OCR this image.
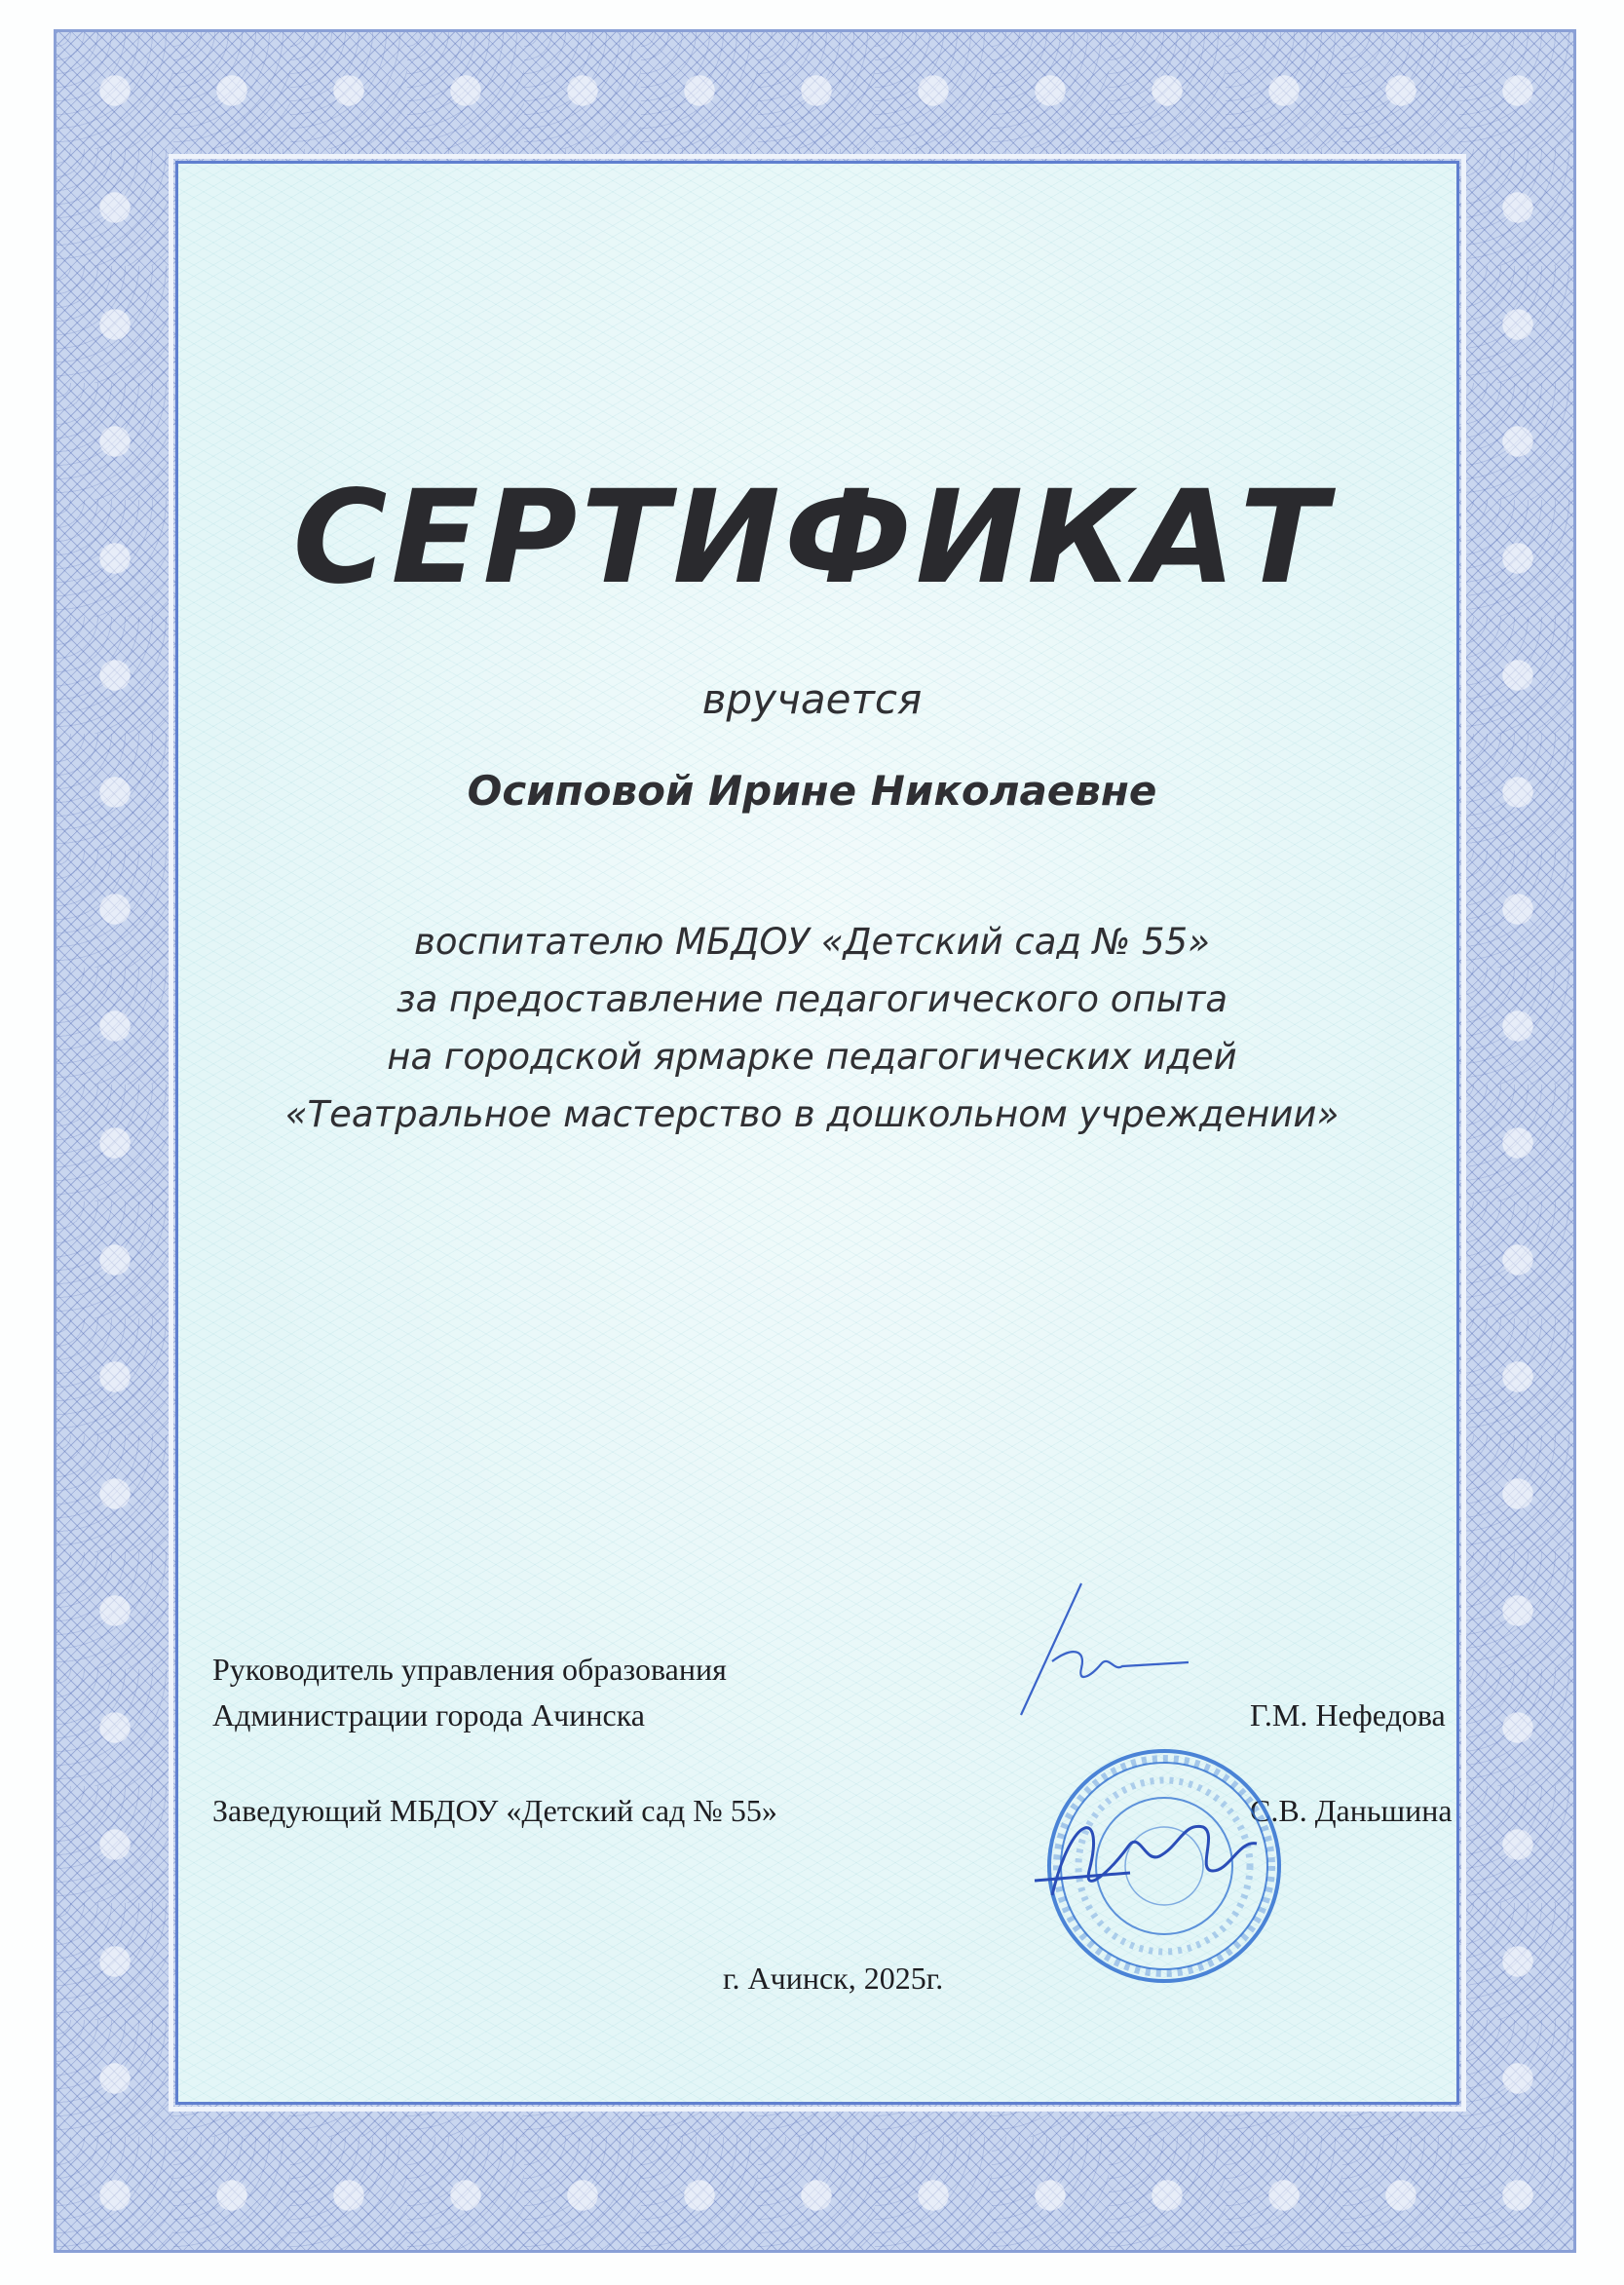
СЕРТИФИКАТ
вручается
Осиповой Ирине Николаевне
воспитателю МБДОУ «Детский сад № 55»
за предоставление педагогического опыта
на городской ярмарке педагогических идей
«Театральное мастерство в дошкольном учреждении»
Руководитель управления образования
Администрации города Ачинска	Г.М. Нефедова
Заведующий МБДОУ «Детский сад № 55»	С.В. Даньшина
г. Ачинск, 2025г.
